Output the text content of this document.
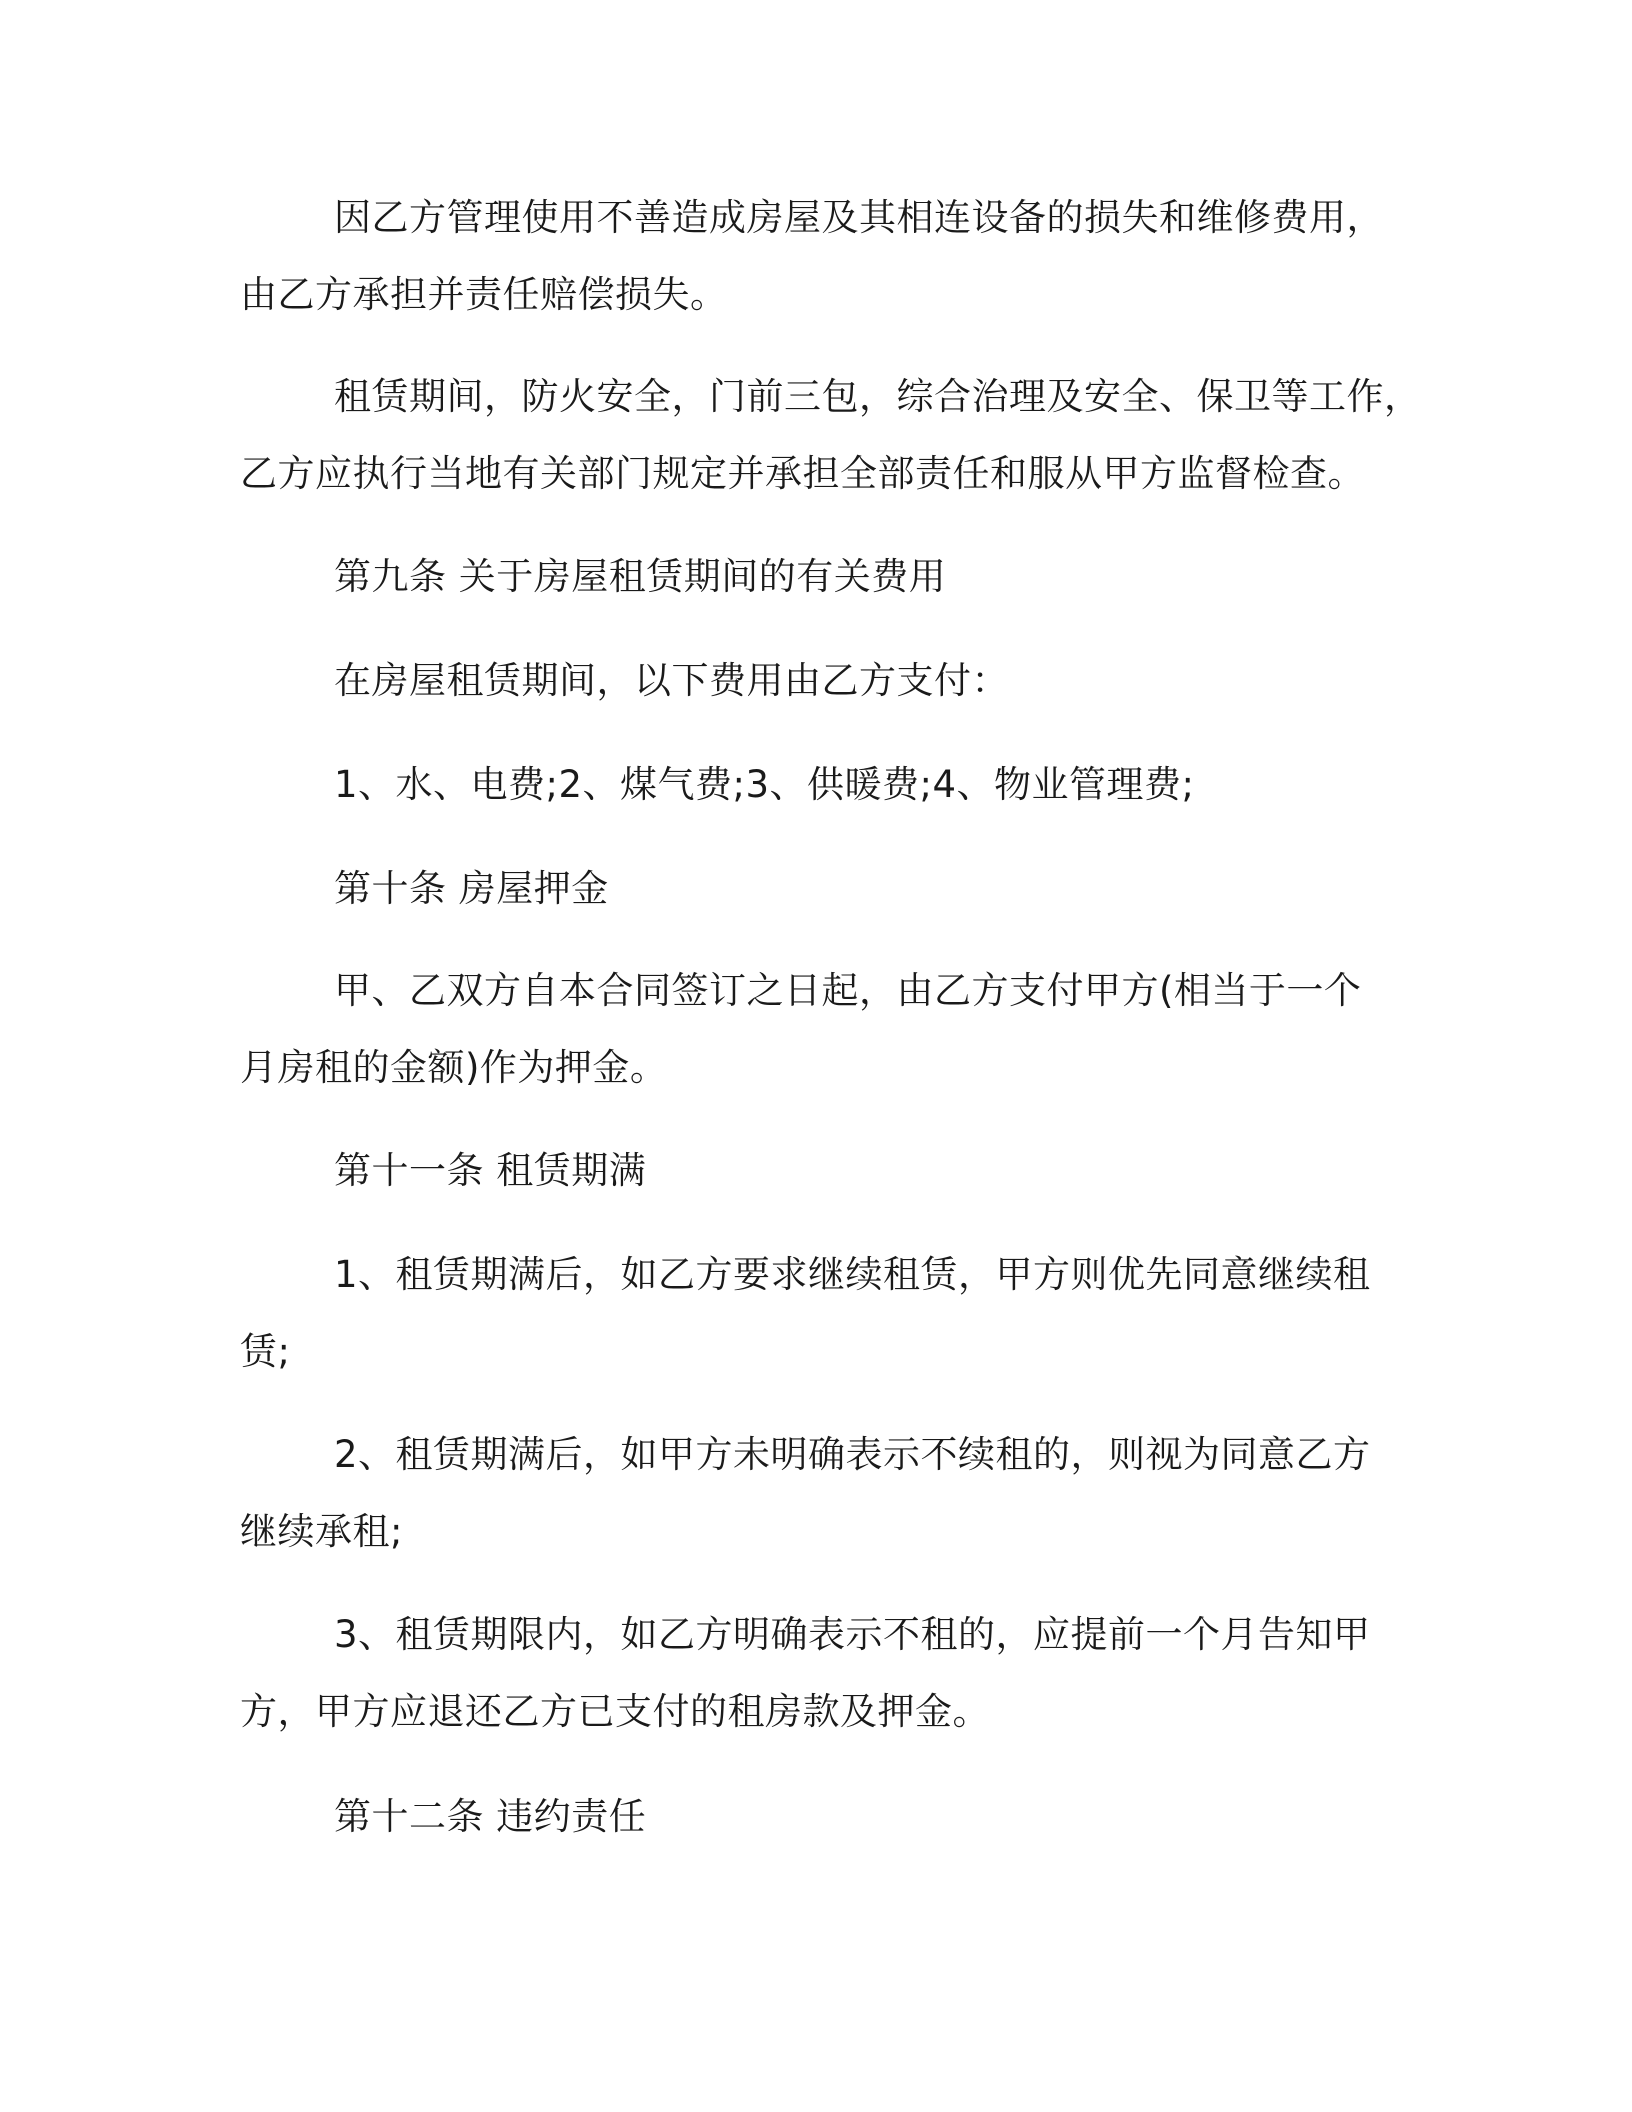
因乙方管理使用不善造成房屋及其相连设备的损失和维修费用，
由乙方承担并责任赔偿损失。
租赁期间，防火安全，门前三包，综合治理及安全、保卫等工作，
乙方应执行当地有关部门规定并承担全部责任和服从甲方监督检查。
第九条 关于房屋租赁期间的有关费用
在房屋租赁期间，以下费用由乙方支付：
1、水、电费;2、煤气费;3、供暖费;4、物业管理费;
第十条 房屋押金
甲、乙双方自本合同签订之日起，由乙方支付甲方(相当于一个
月房租的金额)作为押金。
第十一条 租赁期满
1、租赁期满后，如乙方要求继续租赁，甲方则优先同意继续租
赁;
2、租赁期满后，如甲方未明确表示不续租的，则视为同意乙方
继续承租;
3、租赁期限内，如乙方明确表示不租的，应提前一个月告知甲
方，甲方应退还乙方已支付的租房款及押金。
第十二条 违约责任
